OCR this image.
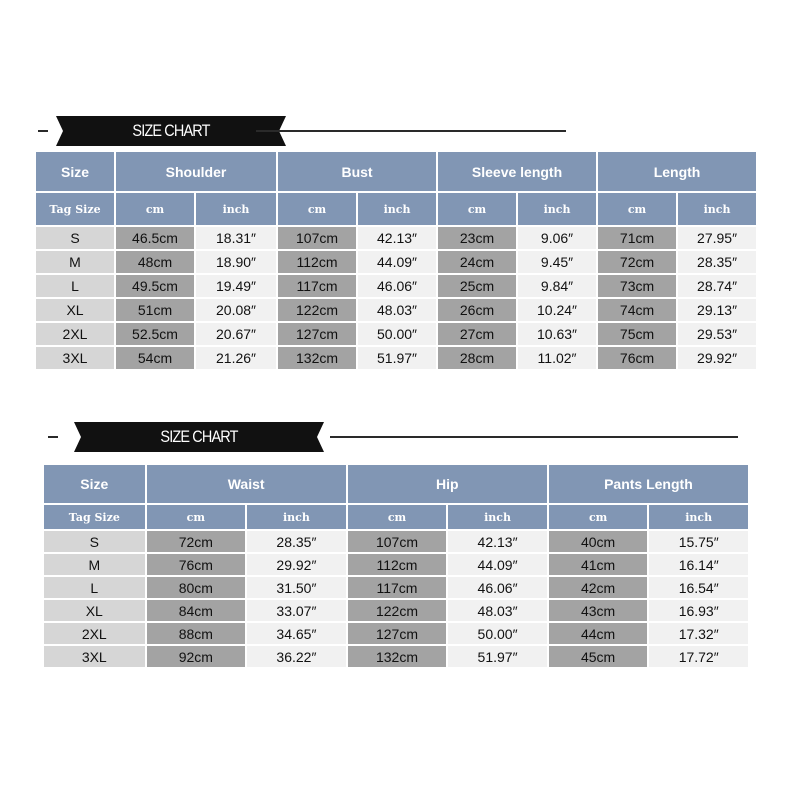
SIZE CHART
Size	Shoulder		Bust		Sleeve length		Length	
Tag Size	cm	inch	cm	inch	cm	inch	cm	inch
S	46.5cm	18.31″	107cm	42.13″	23cm	9.06″	71cm	27.95″
M	48cm	18.90″	112cm	44.09″	24cm	9.45″	72cm	28.35″
L	49.5cm	19.49″	117cm	46.06″	25cm	9.84″	73cm	28.74″
XL	51cm	20.08″	122cm	48.03″	26cm	10.24″	74cm	29.13″
2XL	52.5cm	20.67″	127cm	50.00″	27cm	10.63″	75cm	29.53″
3XL	54cm	21.26″	132cm	51.97″	28cm	11.02″	76cm	29.92″
SIZE CHART
Size	Waist		Hip		Pants Length	
Tag Size	cm	inch	cm	inch	cm	inch
S	72cm	28.35″	107cm	42.13″	40cm	15.75″
M	76cm	29.92″	112cm	44.09″	41cm	16.14″
L	80cm	31.50″	117cm	46.06″	42cm	16.54″
XL	84cm	33.07″	122cm	48.03″	43cm	16.93″
2XL	88cm	34.65″	127cm	50.00″	44cm	17.32″
3XL	92cm	36.22″	132cm	51.97″	45cm	17.72″
